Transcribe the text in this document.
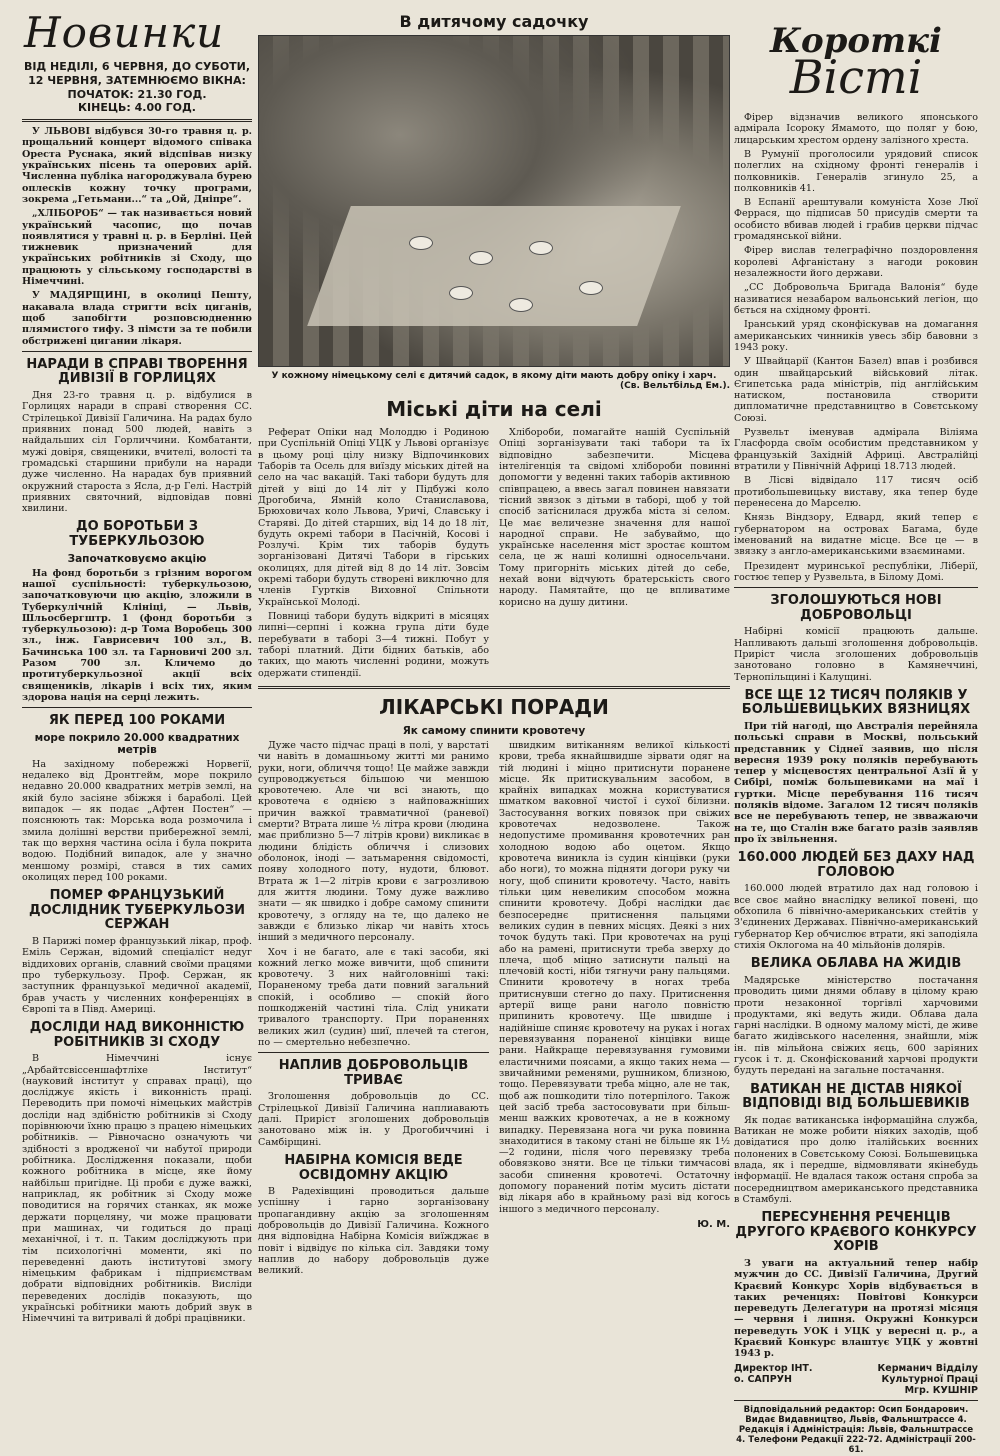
Новинки
ВІД НЕДІЛІ, 6 ЧЕРВНЯ, ДО СУБОТИ,
12 ЧЕРВНЯ, ЗАТЕМНЮЄМО ВІКНА:
ПОЧАТОК: 21.30 ГОД.
КІНЕЦЬ: 4.00 ГОД.

У ЛЬВОВІ відбувся 30-го травня ц. р. прощальний концерт відомого співака Ореста Руснака, який відспівав низку українських пісень та оперових арій. Численна публіка нагороджувала бурею оплесків кожну точку програми, зокрема „Гетьмани...“ та „Ой, Дніпре“.

„ХЛІБОРОБ“ — так називається новий український часопис, що почав появлятися у травні ц. р. в Берліні. Цей тижневик призначений для українських робітників зі Сходу, що працюють у сільському господарстві в Німеччині.

У МАДЯРЩИНІ, в околиці Пешту, накавала влада стригти всіх циганів, щоб запобігти розповсюдненню плямистого тифу. З пімсти за те побили обстрижені цигании лікаря.

НАРАДИ В СПРАВІ ТВОРЕННЯ ДИВІЗІЇ В ГОРЛИЦЯХ

Дня 23-го травня ц. р. відбулися в Горлицях наради в справі створення СС. Стрілецької Дивізії Галичина. На радах було приявних понад 500 людей, навіть з найдальших сіл Горличчини. Комбатанти, мужі довіря, священики, вчителі, волості та громадські старшини прибули на наради дуже численно. На нарадах був приявний окружний староста з Ясла, д-р Гелі. Настрій приявних святочний, відповідав повні хвилини.

ДО БОРОТЬБИ З ТУБЕРКУЛЬОЗОЮ
Започатковуємо акцію

На фонд боротьби з грізним ворогом нашої суспільності: туберкульозою, започатковуючи цю акцію, зложили в Туберкулічній Клініці, — Львів, Шльосбергштр. 1 (фонд боротьби з туберкульозою): д-р Тома Воробець 300 зл., інж. Гаврисевич 100 зл., В. Бачинська 100 зл. та Гарновичі 200 зл. Разом 700 зл. Кличемо до протитуберкульозної акції всіх священиків, лікарів і всіх тих, яким здорова нація на серці лежить.

ЯК ПЕРЕД 100 РОКАМИ
море покрило 20.000 квадратних метрів

На західному побережжі Норвегії, недалеко від Дронтгейм, море покрило недавно 20.000 квадратних метрів землі, на якій було засіяне збіжжя і бараболі. Цей випадок — як подає „Афтен Постен“ — пояснюють так: Морська вода розмочила і змила долішні верстви прибережної землі, так що верхня частина осіла і була покрита водою. Подібний випадок, але у значно меншому розмірі, стався в тих самих околицях перед 100 роками.

ПОМЕР ФРАНЦУЗЬКИЙ ДОСЛІДНИК ТУБЕРКУЛЬОЗИ СЕРЖАН

В Парижі помер французький лікар, проф. Еміль Сержан, відомий спеціаліст недуг віддихових органів, славний своїми працями про туберкульозу. Проф. Сержан, як заступник французької медичної академії, брав участь у численних конференціях в Європі та в Півд. Америці.

ДОСЛІДИ НАД ВИКОННІСТЮ РОБІТНИКІВ ЗІ СХОДУ

В Німеччині існує „Арбайтсвіссеншафтліхе Інститут“ (науковий інститут у справах праці), що досліджує якість і виконність праці. Переводить при помочі німецьких майстрів досліди над здібністю робітників зі Сходу порівнюючи їхню працю з працею німецьких робітників. — Рівночасно означують чи здібності з вродженої чи набутої природи робітника. Дослідження показали, щоби кожного робітника в місце, яке йому найбільш пригідне. Ці проби є дуже важкі, наприклад, як робітник зі Сходу може поводитися на горячих станках, як може держати порцеляну, чи може працювати при машинах, чи годиться до праці механічної, і т. п. Таким досліджують при тім психологічні моменти, які по переведенні дають інститутові змогу німецьким фабрикам і підприємствам добрати відповідних робітників. Висліди переведених дослідів показують, що українські робітники мають добрий звук в Німеччині та витривалі й добрі працівники.

В дитячому садочку
У кожному німецькому селі є дитячий садок, в якому діти мають добру опіку і харч.
(Св. Вельтбільд Ем.).
Міські діти на селі

Реферат Опіки над Молоддю і Родиною при Суспільній Опіці УЦК у Львові організує в цьому році цілу низку Відпочинкових Таборів та Осель для виїзду міських дітей на село на час вакацій. Такі табори будуть для дітей у віці до 14 літ у Підбужі коло Дрогобича, Ямній коло Станиславова, Брюховичах коло Львова, Уричі, Славську і Старяві. До дітей старших, від 14 до 18 літ, будуть окремі табори в Пасічній, Косові і Розлучі. Крім тих таборів будуть зорганізовані Дитячі Табори в гірських околицях, для дітей від 8 до 14 літ. Зовсім окремі табори будуть створені виключно для членів Гуртків Виховної Спільноти Української Молоді.

Повниці табори будуть відкриті в місяцях липні—серпні і кожна група діти буде перебувати в таборі 3—4 тижні. Побут у таборі платний. Діти бідних батьків, або таких, що мають численні родини, можуть одержати стипендії.

Хлібороби, помагайте нашій Суспільній Опіці зорганізувати такі табори та їх відповідно забезпечити. Місцева інтелігенція та свідомі хлібороби повинні допомогти у веденні таких таборів активною співпрацею, а ввесь загал повинен навязати тісний звязок з дітьми в таборі, щоб у той спосіб затіснилася дружба міста зі селом. Це має величезне значення для нашої народної справи. Не забуваймо, що українське населення міст зростає коштом села, це ж наші колишні односельчани. Тому пригорніть міських дітей до себе, нехай вони відчують братерськість свого народу. Памятайте, що це впливатиме корисно на душу дитини.

ЛІКАРСЬКІ ПОРАДИ
Як самому спинити кровотечу

Дуже часто підчас праці в полі, у варстаті чи навіть в домашньому житті ми ранимо руки, ноги, обличчя тощо! Це майже завжди супроводжується більшою чи меншою кровотечею. Але чи всі знають, що кровотеча є однією з найповажніших причин важкої травматичної (раневої) смерти? Втрата лише ½ літра крови (людина має приблизно 5—7 літрів крови) викликає в людини блідість обличчя і слизових оболонок, іноді — затьмарення свідомості, появу холодного поту, нудоти, блювот. Втрата ж 1—2 літрів крови є загрозливою для життя людини. Тому дуже важливо знати — як швидко і добре самому спинити кровотечу, з огляду на те, що далеко не завжди є близько лікар чи навіть хтось інший з медичного персоналу.

Хоч і не багато, але є такі засоби, які кожний легко може вивчити, щоб спинити кровотечу. З них найголовніші такі: Пораненому треба дати повний загальний спокій, і особливо — спокій його пошкодженій частині тіла. Слід уникати тривалого транспорту. При пораненнях великих жил (судин) шиї, плечей та стегон, по — смертельно небезпечно.

НАПЛИВ ДОБРОВОЛЬЦІВ ТРИВАЄ

Зголошення добровольців до СС. Стрілецької Дивізії Галичина наплиавають далі. Приріст зголошених добровольців занотовано між ін. у Дрогобиччині і Самбірщині.

НАБІРНА КОМІСІЯ ВЕДЕ ОСВІДОМНУ АКЦІЮ

В Радехівщині проводиться дальше успішну і гарно зорганізовану пропагандивну акцію за зголошенням добровольців до Дивізії Галичина. Кожного дня відповідна Набірна Комісія виїжджає в повіт і відвідує по кілька сіл. Завдяки тому наплив до набору добровольців дуже великий.

швидким витіканням великої кількості крови, треба якнайшвидше зірвати одяг на тій людині і міцно притиснути поранене місце. Як притискувальним засобом, в крайніх випадках можна користуватися шматком ваковної чистої і сухої білизни. Застосування вогких повязок при свіжих кровотечах недозволене. Також недопустиме промивання кровотечних ран холодною водою або оцетом. Якщо кровотеча виникла із судин кінцівки (руки або ноги), то можна підняти догори руку чи ногу, щоб спинити кровотечу. Часто, навіть тільки цим невеликим способом можна спинити кровотечу. Добрі наслідки дає безпосереднє притиснення пальцями великих судин в певних місцях. Деякі з них точок будуть такі. При кровотечах на руці або на рамені, притиснути треба зверху до плеча, щоб міцно затиснути пальці на плечовій кості, ніби тягнучи рану пальцями. Спинити кровотечу в ногах треба притиснувши стегно до паху. Притиснення артерії вище рани наголо повністю припинить кровотечу. Ще швидше і надійніше спиняє кровотечу на руках і ногах перевязування пораненої кінцівки вище рани. Найкраще перевязування гумовими еластичними поясами, а якщо таких нема — звичайними ременями, рушником, близною, тощо. Перевязувати треба міцно, але не так, щоб аж пошкодити тіло потерпілого. Також цей засіб треба застосовувати при більш-менш важких кровотечах, а не в кожному випадку. Перевязана нога чи рука повинна знаходитися в такому стані не більше як 1½—2 години, після чого перевязку треба обовязково зняти. Все це тільки тимчасові засоби спинення кровотечі. Остаточну допомогу поранений потім мусить дістати від лікаря або в крайньому разі від когось іншого з медичного персоналу.

Ю. М.
Короткі
Вісті

Фірер відзначив великого японського адмірала Ісороку Ямамото, що поляг у бою, лицарським хрестом ордену залізного хреста.

В Румунії проголосили урядовий список полеглих на східному фронті генералів і полковників. Генералів згинуло 25, а полковників 41.

В Еспанії арештували комуніста Хозе Люї Феррася, що підписав 50 присудів смерти та особисто вбивав людей і грабив церкви підчас громадянської війни.

Фірер вислав телеграфічно поздоровлення королеві Афганістану з нагоди роковин незалежности його держави.

„СС Добровольча Бригада Валонія“ буде називатися незабаром вальонський легіон, що бється на східному фронті.

Іранський уряд сконфіскував на домагання американських чинників увесь збір бавовни з 1943 року.

У Швайцарії (Кантон Базел) впав і розбився один швайцарський військовий літак. Єгипетська рада міністрів, під англійським натиском, постановила створити дипломатичне представництво в Совєтському Союзі.

Рузвельт іменував адмірала Віліяма Гласфорда своїм особистим представником у французькій Західній Африці. Австралійці втратили у Північній Африці 18.713 людей.

В Лісві відвідало 117 тисяч осіб протибольшевицьку виставу, яка тепер буде перенесена до Марселю.

Князь Віндзору, Едвард, який тепер є губернатором на островах Багама, буде іменований на видатне місце. Все це — в звязку з англо-американськими взаєминами.

Президент муринської республіки, Ліберії, гостює тепер у Рузвельта, в Білому Домі.

ЗГОЛОШУЮТЬСЯ НОВІ ДОБРОВОЛЬЦІ

Набірні комісії працюють дальше. Напливають дальші зголошення добровольців. Приріст числа зголошених добровольців занотовано головно в Камянеччині, Тернопільщині і Калущині.

ВСЕ ЩЕ 12 ТИСЯЧ ПОЛЯКІВ У БОЛЬШЕВИЦЬКИХ ВЯЗНИЦЯХ

При тій нагоді, що Австралія перейняла польські справи в Москві, польський представник у Сіднеї заявив, що після вересня 1939 року поляків перебувають тепер у місцевостях центральної Азії й у Сибірі, поміж большевиками на маї і гуртки. Місце перебування 116 тисяч поляків відоме. Загалом 12 тисяч поляків все не перебувають тепер, не звважаючи на те, що Сталін вже багато разів заявляв про їх звільнення.

160.000 ЛЮДЕЙ БЕЗ ДАХУ НАД ГОЛОВОЮ

160.000 людей втратило дах над головою і все своє майно внаслідку великої повені, що обхопила 6 північно-американських стейтів у З'єдинених Державах. Північно-американський губернатор Кер обчислює втрати, які заподіяла стихія Оклогома на 40 мільйонів долярів.

ВЕЛИКА ОБЛАВА НА ЖИДІВ

Мадярське міністерство постачання проводить цими днями облаву в цілому краю проти незаконної торгівлі харчовими продуктами, які ведуть жиди. Облава дала гарні наслідки. В одному малому місті, де живе багато жидівського населення, знайшли, між ін. пів мільйона свіжих яєць, 600 заріяних гусок і т. д. Сконфіскований харчові продукти будуть передані на загальне постачання.

ВАТИКАН НЕ ДІСТАВ НІЯКОЇ ВІДПОВІДІ ВІД БОЛЬШЕВИКІВ

Як подає ватиканська інформаційна служба, Ватикан не може робити ніяких заходів, щоб довідатися про долю італійських воєнних полонених в Совєтському Союзі. Большевицька влада, як і передше, відмовлявати якінебудь інформації. Не вдалася також останя спроба за посередництвом американського представника в Стамбулі.

ПЕРЕСУНЕННЯ РЕЧЕНЦІВ ДРУГОГО КРАЄВОГО КОНКУРСУ ХОРІВ

З уваги на актуальний тепер набір мужчин до СС. Дивізії Галичина, Другий Краєвий Конкурс Хорів відбувається в таких реченцях: Повітові Конкурси переведуть Делегатури на протязі місяця — червня і липня. Окружні Конкурси переведуть УОК і УЦК у вересні ц. р., а Краєвий Конкурс влаштує УЦК у жовтні 1943 р.

Директор ІНТ.
о. САПРУН
Керманич Відділу
Культурної Праці
Мгр. КУШНІР
Відповідальний редактор: Осип Бондарович. Видає Видавництво, Львів, Фальнштрассе 4. Редакція і Адміністрація: Львів, Фальнштрассе 4. Телефони Редакції 222-72. Адміністрації 200-61.
